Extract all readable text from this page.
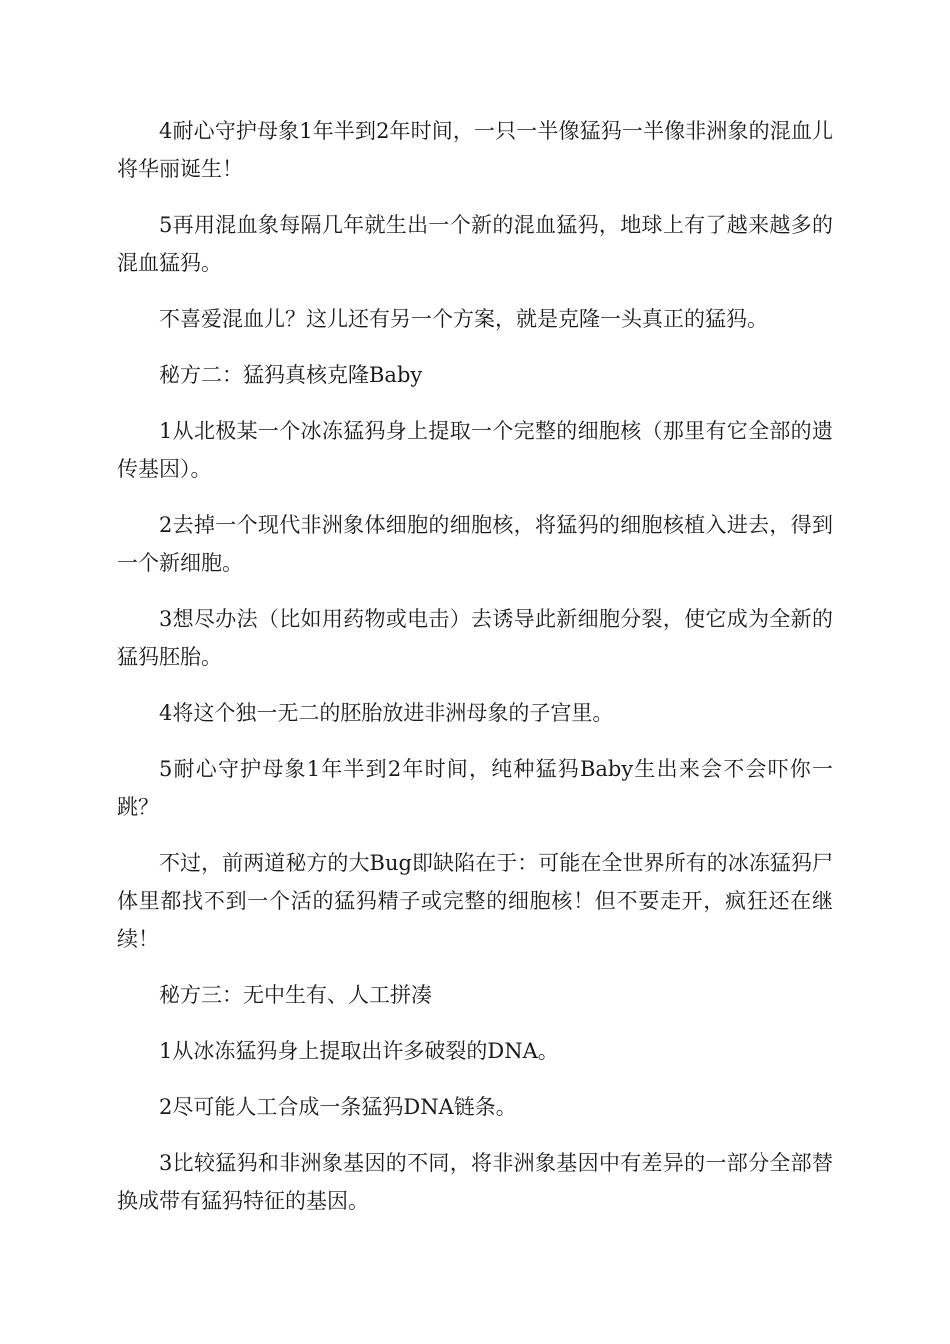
4耐心守护母象1年半到2年时间，一只一半像猛犸一半像非洲象的混血儿将华丽诞生！

5再用混血象每隔几年就生出一个新的混血猛犸，地球上有了越来越多的混血猛犸。

不喜爱混血儿？这儿还有另一个方案，就是克隆一头真正的猛犸。

秘方二：猛犸真核克隆Baby

1从北极某一个冰冻猛犸身上提取一个完整的细胞核（那里有它全部的遗传基因）。

2去掉一个现代非洲象体细胞的细胞核，将猛犸的细胞核植入进去，得到一个新细胞。

3想尽办法（比如用药物或电击）去诱导此新细胞分裂，使它成为全新的猛犸胚胎。

4将这个独一无二的胚胎放进非洲母象的子宫里。

5耐心守护母象1年半到2年时间，纯种猛犸Baby生出来会不会吓你一跳？

不过，前两道秘方的大Bug即缺陷在于：可能在全世界所有的冰冻猛犸尸体里都找不到一个活的猛犸精子或完整的细胞核！但不要走开，疯狂还在继续！

秘方三：无中生有、人工拼凑

1从冰冻猛犸身上提取出许多破裂的DNA。

2尽可能人工合成一条猛犸DNA链条。

3比较猛犸和非洲象基因的不同，将非洲象基因中有差异的一部分全部替换成带有猛犸特征的基因。
